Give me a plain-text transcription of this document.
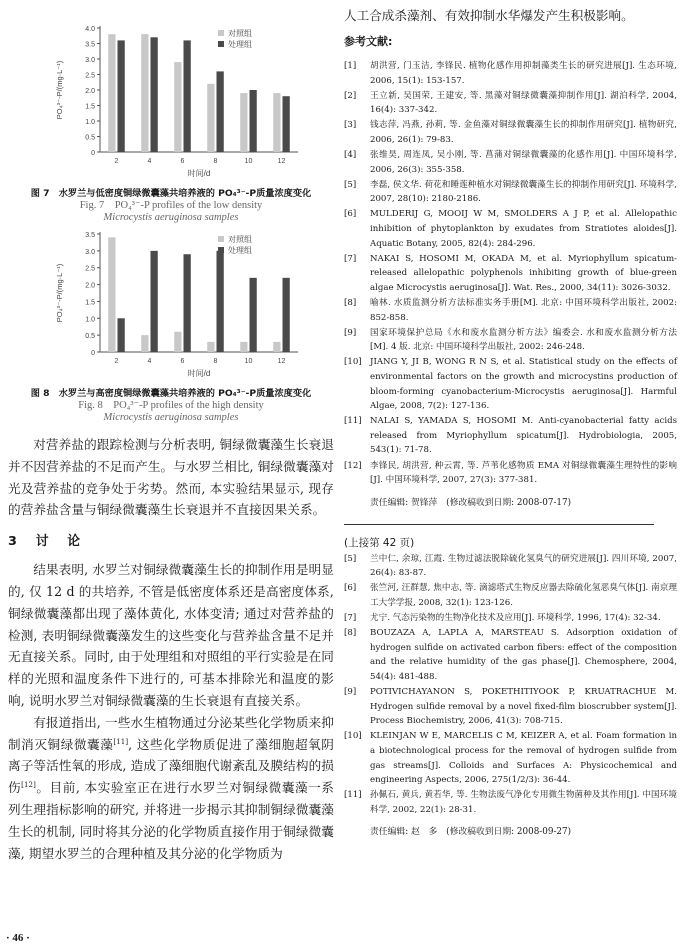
0
0.5
1.0
1.5
2.0
2.5
3.0
3.5
4.0
2	4	6	8	10	12
时间/d
PO₄³⁻-P/(mg·L⁻¹)
对照组
处理组
图 7　水罗兰与低密度铜绿微囊藻共培养液的 PO₄³⁻-P质量浓度变化
Fig. 7　PO₄³⁻-P profiles of the low density
Microcystis aeruginosa samples
0
0.5
1.0
1.5
2.0
2.5
3.0
3.5
2	4	6	8	10	12
时间/d
PO₄³⁻-P/(mg·L⁻¹)
对照组
处理组
图 8　水罗兰与高密度铜绿微囊藻共培养液的 PO₄³⁻-P质量浓度变化
Fig. 8　PO₄³⁻-P profiles of the high density
Microcystis aeruginosa samples

对营养盐的跟踪检测与分析表明, 铜绿微囊藻生长衰退并不因营养盐的不足而产生。与水罗兰相比, 铜绿微囊藻对光及营养盐的竞争处于劣势。然而, 本实验结果显示, 现存的营养盐含量与铜绿微囊藻生长衰退并不直接因果关系。

3　讨　论

结果表明, 水罗兰对铜绿微囊藻生长的抑制作用是明显的, 仅 12 d 的共培养, 不管是低密度体系还是高密度体系, 铜绿微囊藻都出现了藻体黄化, 水体变清; 通过对营养盐的检测, 表明铜绿微囊藻发生的这些变化与营养盐含量不足并无直接关系。同时, 由于处理组和对照组的平行实验是在同样的光照和温度条件下进行的, 可基本排除光和温度的影响, 说明水罗兰对铜绿微囊藻的生长衰退有直接关系。

有报道指出, 一些水生植物通过分泌某些化学物质来抑制消灭铜绿微囊藻[11], 这些化学物质促进了藻细胞超氧阴离子等活性氧的形成, 造成了藻细胞代谢紊乱及膜结构的损伤[12]。目前, 本实验室正在进行水罗兰对铜绿微囊藻一系列生理指标影响的研究, 并将进一步揭示其抑制铜绿微囊藻生长的机制, 同时将其分泌的化学物质直接作用于铜绿微囊藻, 期望水罗兰的合理种植及其分泌的化学物质为

· 46 ·

人工合成杀藻剂、有效抑制水华爆发产生积极影响。

参考文献:
[1]	胡洪营, 门玉洁, 李锋民. 植物化感作用抑制藻类生长的研究进展[J]. 生态环境, 2006, 15(1): 153-157.
[2]	王立新, 吴国荣, 王建安, 等. 黑藻对铜绿微囊藻抑制作用[J]. 湖泊科学, 2004, 16(4): 337-342.
[3]	钱志萍, 冯燕, 孙莉, 等. 金鱼藻对铜绿微囊藻生长的抑制作用研究[J]. 植物研究, 2006, 26(1): 79-83.
[4]	张维昊, 周连凤, 吴小刚, 等. 菖蒲对铜绿微囊藻的化感作用[J]. 中国环境科学, 2006, 26(3): 355-358.
[5]	李磊, 侯文华. 荷花和睡莲种植水对铜绿微囊藻生长的抑制作用研究[J]. 环境科学, 2007, 28(10): 2180-2186.
[6]	MULDERIJ G, MOOIJ W M, SMOLDERS A J P, et al. Allelopathic inhibition of phytoplankton by exudates from Stratiotes aloides[J]. Aquatic Botany, 2005, 82(4): 284-296.
[7]	NAKAI S, HOSOMI M, OKADA M, et al. Myriophyllum spicatum-released allelopathic polyphenols inhibiting growth of blue-green algae Microcystis aeruginosa[J]. Wat. Res., 2000, 34(11): 3026-3032.
[8]	喻林. 水质监测分析方法标准实务手册[M]. 北京: 中国环境科学出版社, 2002: 852-858.
[9]	国家环境保护总局《水和废水监测分析方法》编委会. 水和废水监测分析方法[M]. 4 版. 北京: 中国环境科学出版社, 2002: 246-248.
[10] JIANG Y, JI B, WONG R N S, et al. Statistical study on the effects of environmental factors on the growth and microcystins production of bloom-forming cyanobacterium-Microcystis aeruginosa[J]. Harmful Algae, 2008, 7(2): 127-136.
[11] NALAI S, YAMADA S, HOSOMI M. Anti-cyanobacterial fatty acids released from Myriophyllum spicatum[J]. Hydrobiologia, 2005, 543(1): 71-78.
[12] 李锋民, 胡洪营, 种云霄, 等. 芦苇化感物质 EMA 对铜绿微囊藻生理特性的影响[J]. 中国环境科学, 2007, 27(3): 377-381.
责任编辑: 贺锋萍　(修改稿收到日期: 2008-07-17)
(上接第 42 页)
[5]	兰中仁, 余琼, 江霞. 生物过滤法脱除硫化氢臭气的研究进展[J]. 四川环境, 2007, 26(4): 83-87.
[6]	张竺河, 汪群慧, 焦中志, 等. 滴滤塔式生物反应器去除硫化氢恶臭气体[J]. 南京理工大学学报, 2008, 32(1): 123-126.
[7]	尤宁. 气态污染物的生物净化技术及应用[J]. 环境科学, 1996, 17(4): 32-34.
[8]	BOUZAZA A, LAPLA A, MARSTEAU S. Adsorption oxidation of hydrogen sulfide on activated carbon fibers: effect of the composition and the relative humidity of the gas phase[J]. Chemosphere, 2004, 54(4): 481-488.
[9]	POTIVICHAYANON S, POKETHITIYOOK P, KRUATRACHUE M. Hydrogen sulfide removal by a novel fixed-film bioscrubber system[J]. Process Biochemistry, 2006, 41(3): 708-715.
[10] KLEINJAN W E, MARCELIS C M, KEIZER A, et al. Foam formation in a biotechnological process for the removal of hydrogen sulfide from gas streams[J]. Colloids and Surfaces A: Physicochemical and engineering Aspects, 2006, 275(1/2/3): 36-44.
[11] 孙佩石, 黄兵, 黄若华, 等. 生物法废气净化专用微生物菌种及其作用[J]. 中国环境科学, 2002, 22(1): 28-31.
责任编辑: 赵　多　(修改稿收到日期: 2008-09-27)
